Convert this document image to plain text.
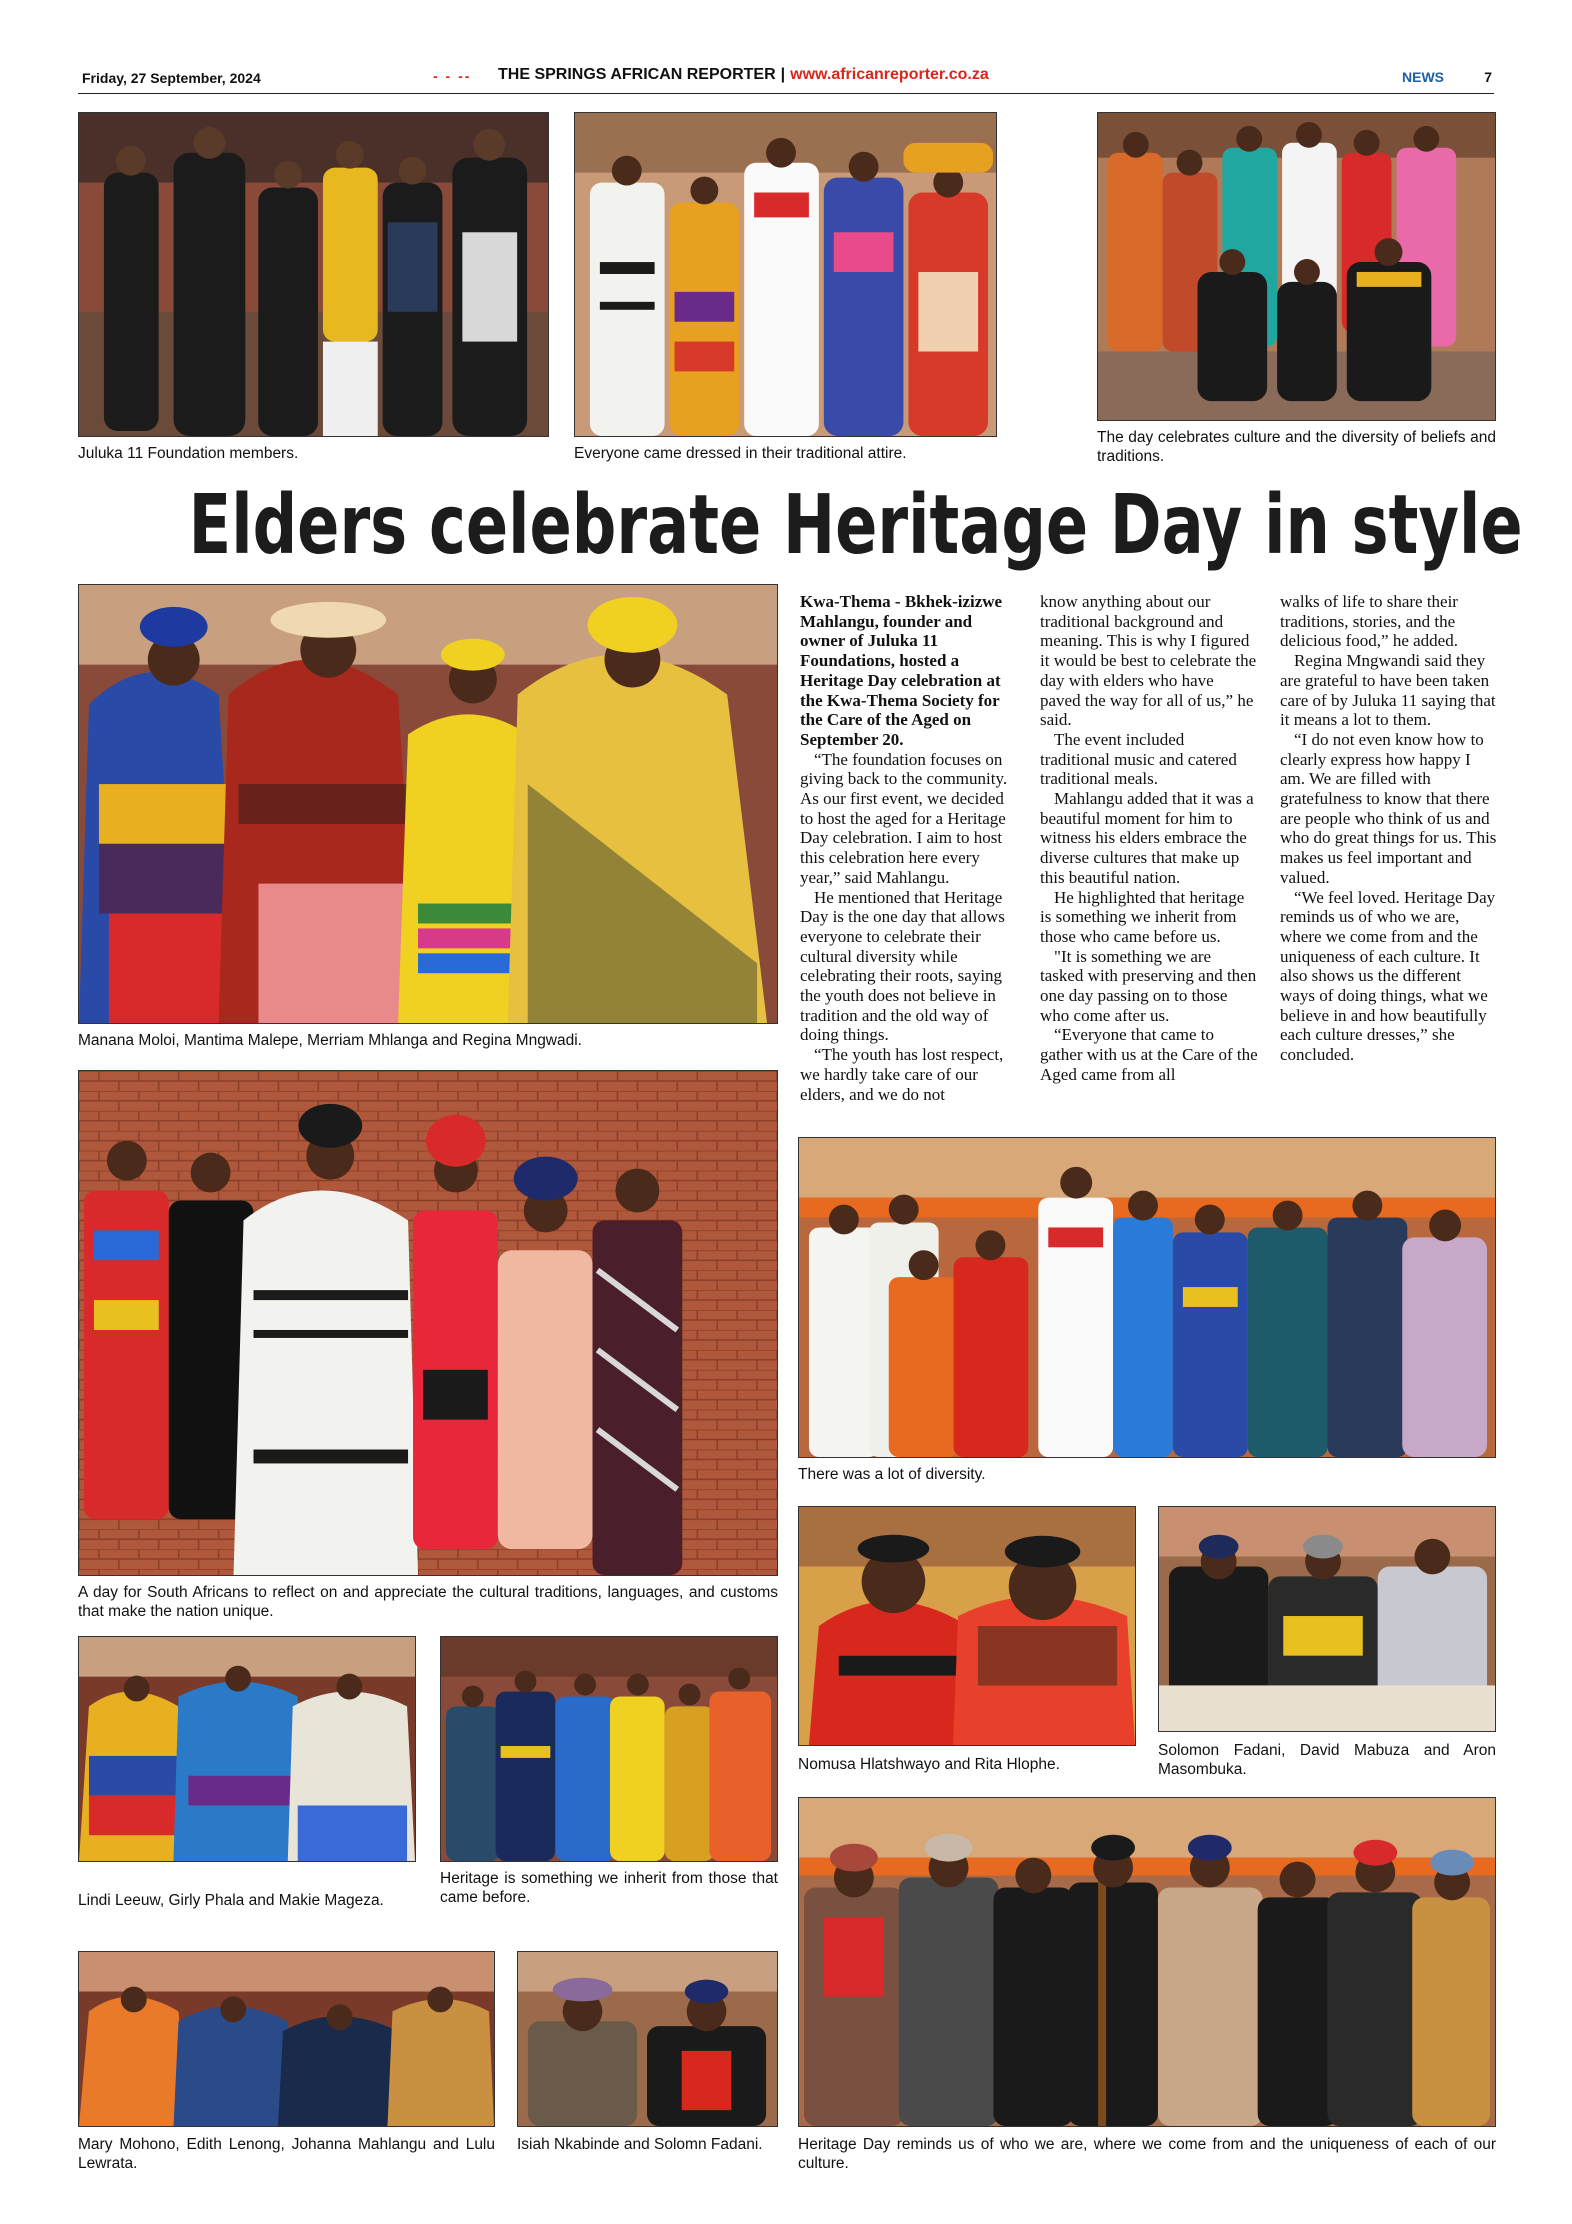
Friday, 27 September, 2024	- - -- THE SPRINGS AFRICAN REPORTER | www.africanreporter.co.za	NEWS	7
Juluka 11 Foundation members.	Everyone came dressed in their traditional attire.
The day celebrates culture and the diversity of beliefs and traditions.
Elders celebrate Heritage Day in style
Manana Moloi, Mantima Malepe, Merriam Mhlanga and Regina Mngwadi.

Kwa-Thema - Bkhek-izizwe Mahlangu, founder and owner of Juluka 11 Foundations, hosted a Heritage Day celebration at the Kwa-Thema Society for the Care of the Aged on September 20.

“The foundation focuses on giving back to the community. As our first event, we decided to host the aged for a Heritage Day celebration. I aim to host this celebration here every year,” said Mahlangu.

He mentioned that Heritage Day is the one day that allows everyone to celebrate their cultural diversity while celebrating their roots, saying the youth does not believe in tradition and the old way of doing things.

“The youth has lost respect, we hardly take care of our elders, and we do not

know anything about our traditional background and meaning. This is why I figured it would be best to celebrate the day with elders who have paved the way for all of us,” he said.

The event included traditional music and catered traditional meals.

Mahlangu added that it was a beautiful moment for him to witness his elders embrace the diverse cultures that make up this beautiful nation.

He highlighted that heritage is something we inherit from those who came before us.

"It is something we are tasked with preserving and then one day passing on to those who come after us.

“Everyone that came to gather with us at the Care of the Aged came from all

walks of life to share their traditions, stories, and the delicious food,” he added.

Regina Mngwandi said they are grateful to have been taken care of by Juluka 11 saying that it means a lot to them.

“I do not even know how to clearly express how happy I am. We are filled with gratefulness to know that there are people who think of us and who do great things for us. This makes us feel important and valued.

“We feel loved. Heritage Day reminds us of who we are, where we come from and the uniqueness of each culture. It also shows us the different ways of doing things, what we believe in and how beautifully each culture dresses,” she concluded.

A day for South Africans to reflect on and appreciate the cultural traditions, languages, and customs that make the nation unique.
There was a lot of diversity.
Lindi Leeuw, Girly Phala and Makie Mageza.
Heritage is something we inherit from those that came before.
Nomusa Hlatshwayo and Rita Hlophe.
Solomon Fadani, David Mabuza and Aron Masombuka.
Mary Mohono, Edith Lenong, Johanna Mahlangu and Lulu Lewrata.
Isiah Nkabinde and Solomn Fadani.	Heritage Day reminds us of who we are, where we come from and the uniqueness of each of our culture.
